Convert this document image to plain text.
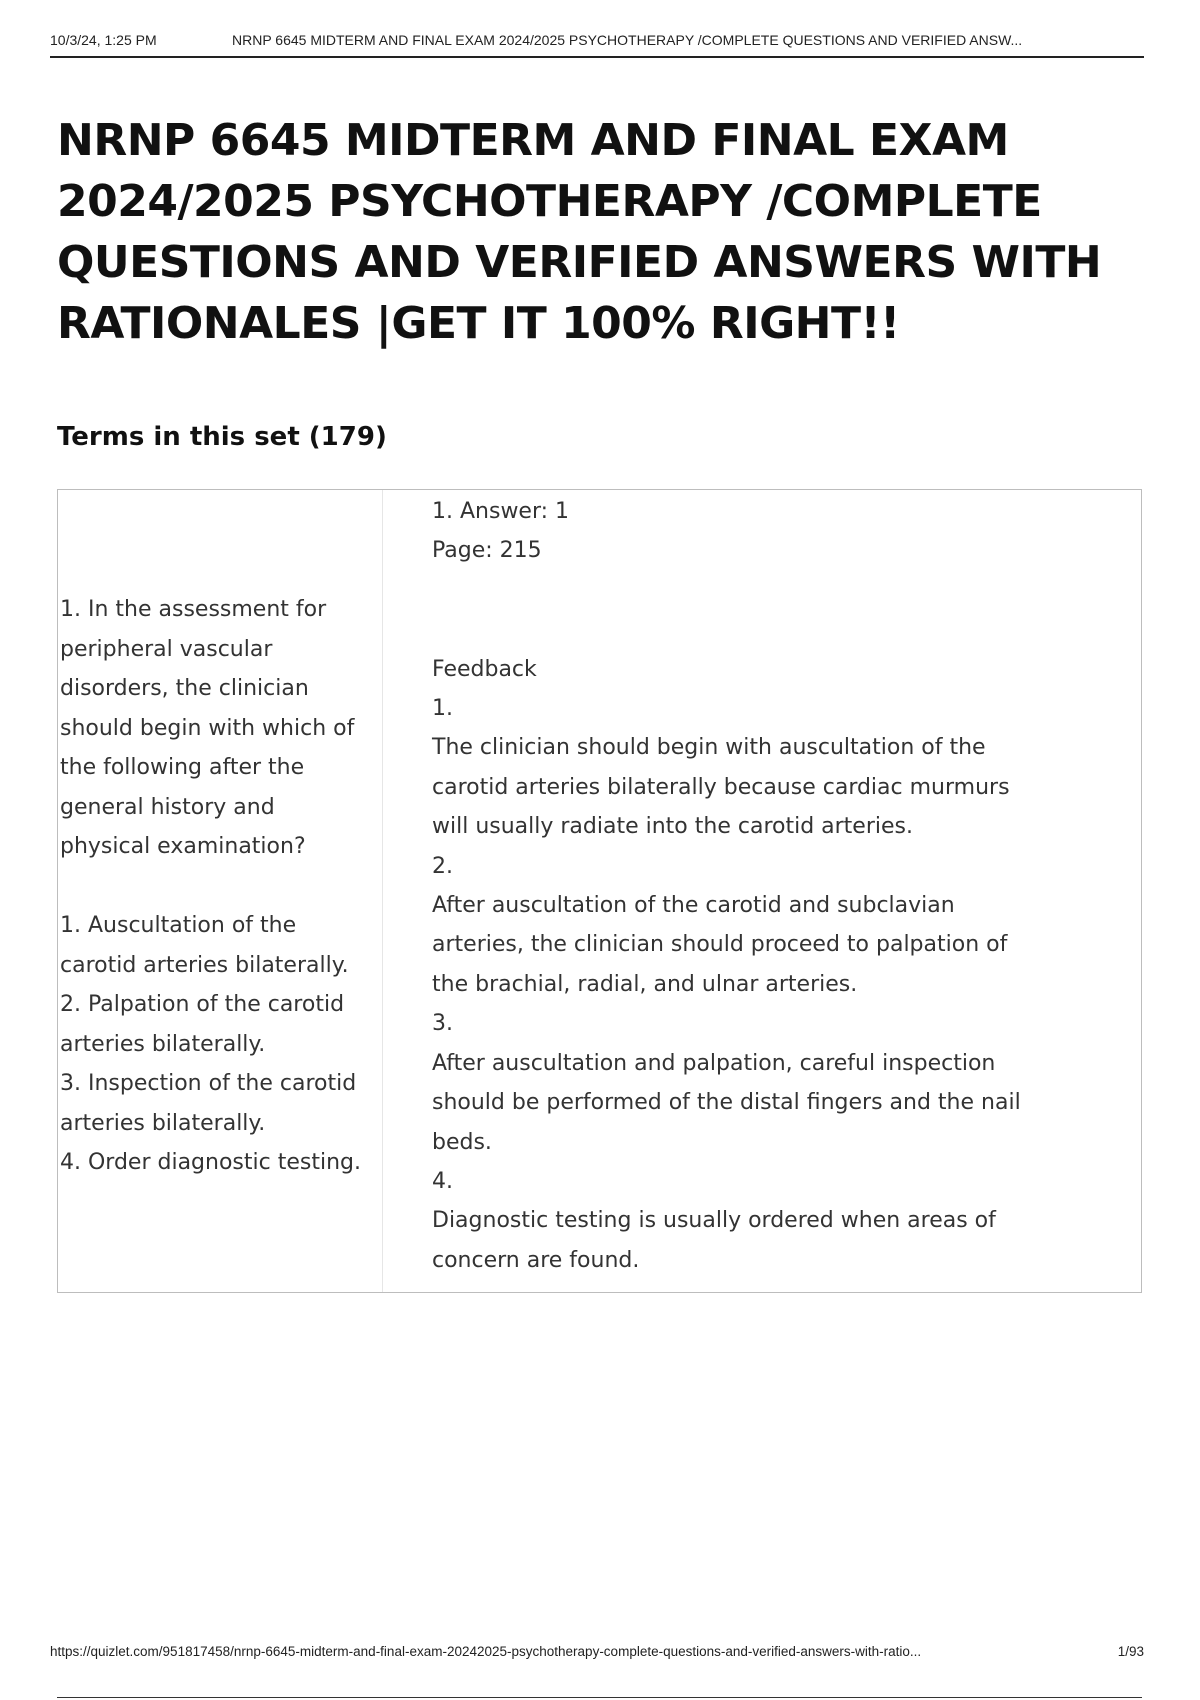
10/3/24, 1:25 PM	NRNP 6645 MIDTERM AND FINAL EXAM 2024/2025 PSYCHOTHERAPY /COMPLETE QUESTIONS AND VERIFIED ANSW...
NRNP 6645 MIDTERM AND FINAL EXAM 2024/2025 PSYCHOTHERAPY /COMPLETE QUESTIONS AND VERIFIED ANSWERS WITH RATIONALES |GET IT 100% RIGHT!!
Terms in this set (179)
1. In the assessment for
peripheral vascular
disorders, the clinician
should begin with which of
the following after the
general history and
physical examination?

1. Auscultation of the
carotid arteries bilaterally.
2. Palpation of the carotid
arteries bilaterally.
3. Inspection of the carotid
arteries bilaterally.
4. Order diagnostic testing.
1. Answer: 1
Page: 215

Feedback
1.
The clinician should begin with auscultation of the
carotid arteries bilaterally because cardiac murmurs
will usually radiate into the carotid arteries.
2.
After auscultation of the carotid and subclavian
arteries, the clinician should proceed to palpation of
the brachial, radial, and ulnar arteries.
3.
After auscultation and palpation, careful inspection
should be performed of the distal fingers and the nail
beds.
4.
Diagnostic testing is usually ordered when areas of
concern are found.
https://quizlet.com/951817458/nrnp-6645-midterm-and-final-exam-20242025-psychotherapy-complete-questions-and-verified-answers-with-ratio...	1/93
